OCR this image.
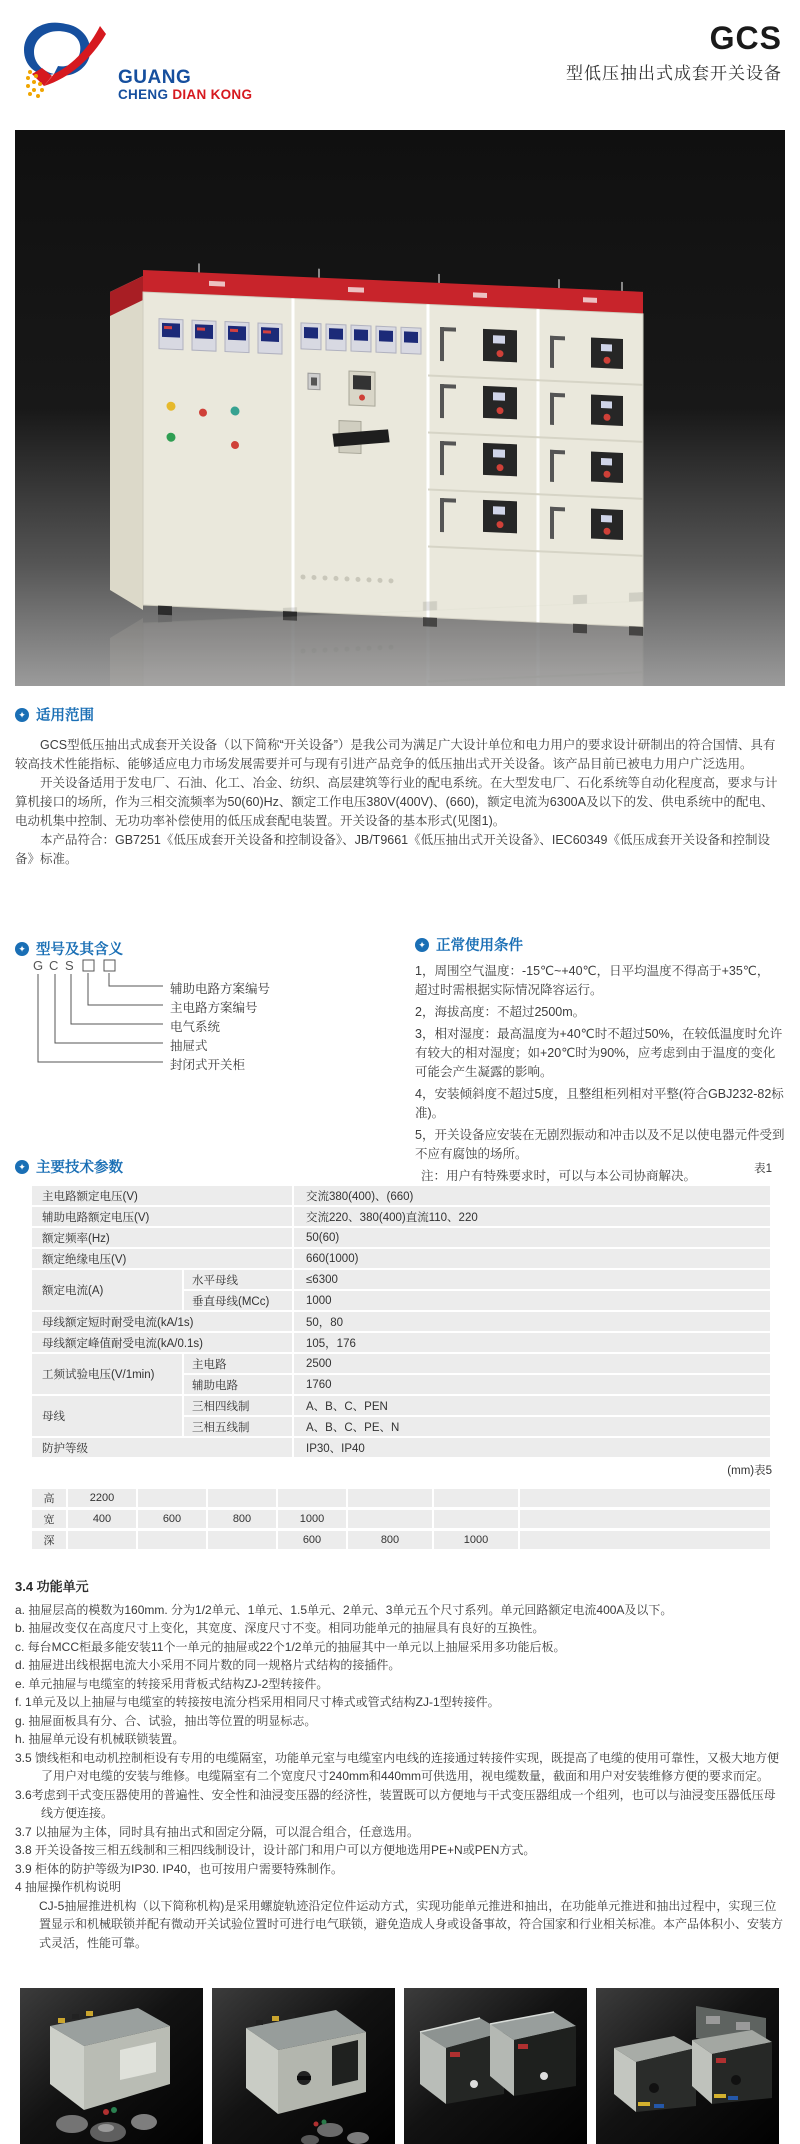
GUANG
CHENG DIAN KONG
GCS
型低压抽出式成套开关设备
✦ 适用范围

GCS型低压抽出式成套开关设备（以下简称“开关设备”）是我公司为满足广大设计单位和电力用户的要求设计研制出的符合国情、具有较高技术性能指标、能够适应电力市场发展需要并可与现有引进产品竞争的低压抽出式开关设备。该产品目前已被电力用户广泛选用。

开关设备适用于发电厂、石油、化工、冶金、纺织、高层建筑等行业的配电系统。在大型发电厂、石化系统等自动化程度高，要求与计算机接口的场所，作为三相交流频率为50(60)Hz、额定工作电压380V(400V)、(660)，额定电流为6300A及以下的发、供电系统中的配电、电动机集中控制、无功功率补偿使用的低压成套配电装置。开关设备的基本形式(见图1)。

本产品符合：GB7251《低压成套开关设备和控制设备》、JB/T9661《低压抽出式开关设备》、IEC60349《低压成套开关设备和控制设备》标准。

✦ 型号及其含义
G C S
辅助电路方案编号
主电路方案编号
电气系统
抽屉式
封闭式开关柜
✦ 正常使用条件
1，周围空气温度：-15℃~+40℃，日平均温度不得高于+35℃，　　超过时需根据实际情况降容运行。
2，海拔高度：不超过2500m。
3，相对湿度：最高温度为+40℃时不超过50%，在较低温度时允许有较大的相对湿度；如+20℃时为90%，应考虑到由于温度的变化可能会产生凝露的影响。
4，安装倾斜度不超过5度，且整组柜列相对平整(符合GBJ232-82标准)。
5，开关设备应安装在无剧烈振动和冲击以及不足以使电器元件受到不应有腐蚀的场所。
注：用户有特殊要求时，可以与本公司协商解决。
✦ 主要技术参数	表1
主电路额定电压(V)		交流380(400)、(660)
辅助电路额定电压(V)		交流220、380(400)直流110、220
额定频率(Hz)		50(60)
额定绝缘电压(V)		660(1000)
额定电流(A)	水平母线	≤6300
	垂直母线(MCc)	1000
母线额定短时耐受电流(kA/1s)		50，80
母线额定峰值耐受电流(kA/0.1s)		105，176
工频试验电压(V/1min)	主电路	2500
	辅助电路	1760
母线	三相四线制	A、B、C、PEN
	三相五线制	A、B、C、PE、N
防护等级		IP30、IP40
(mm)表5
高	2200						
宽	400	600	800	1000			
深				600	800	1000	
3.4 功能单元
a. 抽屉层高的模数为160mm. 分为1/2单元、1单元、1.5单元、2单元、3单元五个尺寸系列。单元回路额定电流400A及以下。
b. 抽屉改变仅在高度尺寸上变化，其宽度、深度尺寸不变。相同功能单元的抽屉具有良好的互换性。
c. 每台MCC柜最多能安装11个一单元的抽屉或22个1/2单元的抽屉其中一单元以上抽屉采用多功能后板。
d. 抽屉进出线根据电流大小采用不同片数的同一规格片式结构的接插件。
e. 单元抽屉与电缆室的转接采用背板式结构ZJ-2型转接件。
f. 1单元及以上抽屉与电缆室的转接按电流分档采用相同尺寸棒式或管式结构ZJ-1型转接件。
g. 抽屉面板具有分、合、试验，抽出等位置的明显标志。
h. 抽屉单元设有机械联锁装置。
3.5 馈线柜和电动机控制柜设有专用的电缆隔室，功能单元室与电缆室内电线的连接通过转接件实现，既提高了电缆的使用可靠性，又极大地方便了用户对电缆的安装与维修。电缆隔室有二个宽度尺寸240mm和440mm可供选用，视电缆数量，截面和用户对安装维修方便的要求而定。
3.6考虑到干式变压器使用的普遍性、安全性和油浸变压器的经济性，装置既可以方便地与干式变压器组成一个组列，也可以与油浸变压器低压母线方便连接。
3.7 以抽屉为主体，同时具有抽出式和固定分隔，可以混合组合，任意选用。
3.8 开关设备按三相五线制和三相四线制设计，设计部门和用户可以方便地选用PE+N或PEN方式。
3.9 柜体的防护等级为IP30. IP40，也可按用户需要特殊制作。
4 抽屉操作机构说明
CJ-5抽屉推进机构（以下简称机构)是采用螺旋轨迹沿定位件运动方式，实现功能单元推进和抽出，在功能单元推进和抽出过程中，实现三位置显示和机械联锁并配有微动开关试验位置时可进行电气联锁，避免造成人身或设备事故，符合国家和行业相关标准。本产品体积小、安装方式灵活，性能可靠。
